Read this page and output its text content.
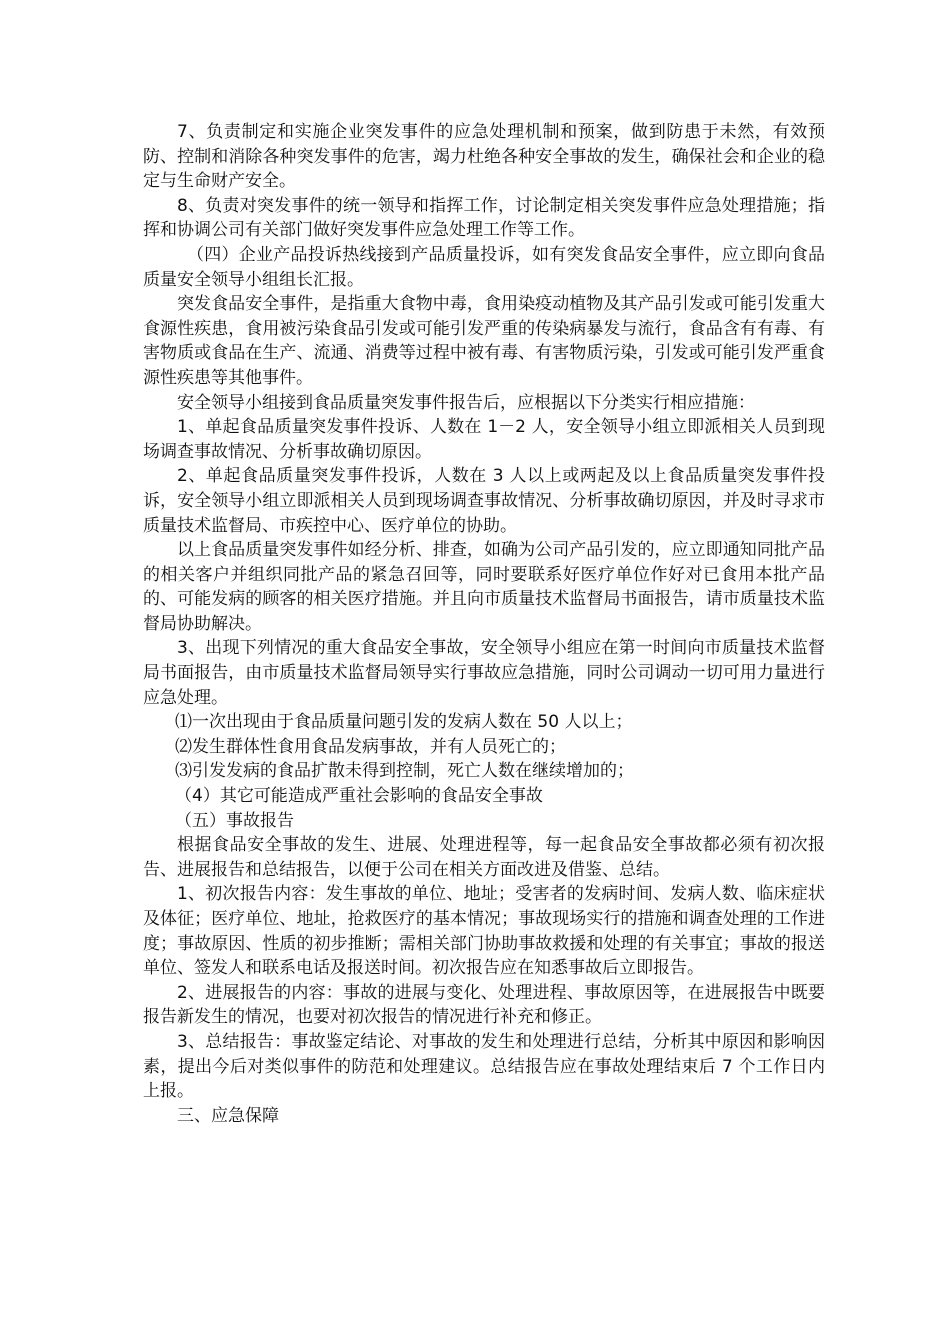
7、负责制定和实施企业突发事件的应急处理机制和预案，做到防患于未然，有效预防、控制和消除各种突发事件的危害，竭力杜绝各种安全事故的发生，确保社会和企业的稳定与生命财产安全。

8、负责对突发事件的统一领导和指挥工作，讨论制定相关突发事件应急处理措施；指挥和协调公司有关部门做好突发事件应急处理工作等工作。

（四）企业产品投诉热线接到产品质量投诉，如有突发食品安全事件，应立即向食品质量安全领导小组组长汇报。

突发食品安全事件，是指重大食物中毒，食用染疫动植物及其产品引发或可能引发重大食源性疾患，食用被污染食品引发或可能引发严重的传染病暴发与流行，食品含有有毒、有害物质或食品在生产、流通、消费等过程中被有毒、有害物质污染，引发或可能引发严重食源性疾患等其他事件。

安全领导小组接到食品质量突发事件报告后，应根据以下分类实行相应措施：

1、单起食品质量突发事件投诉、人数在 1－2 人，安全领导小组立即派相关人员到现场调查事故情况、分析事故确切原因。

2、单起食品质量突发事件投诉，人数在 3 人以上或两起及以上食品质量突发事件投诉，安全领导小组立即派相关人员到现场调查事故情况、分析事故确切原因，并及时寻求市质量技术监督局、市疾控中心、医疗单位的协助。

以上食品质量突发事件如经分析、排查，如确为公司产品引发的，应立即通知同批产品的相关客户并组织同批产品的紧急召回等，同时要联系好医疗单位作好对已食用本批产品的、可能发病的顾客的相关医疗措施。并且向市质量技术监督局书面报告，请市质量技术监督局协助解决。

3、出现下列情况的重大食品安全事故，安全领导小组应在第一时间向市质量技术监督局书面报告，由市质量技术监督局领导实行事故应急措施，同时公司调动一切可用力量进行应急处理。

⑴一次出现由于食品质量问题引发的发病人数在 50 人以上；

⑵发生群体性食用食品发病事故，并有人员死亡的；

⑶引发发病的食品扩散未得到控制，死亡人数在继续增加的；

（4）其它可能造成严重社会影响的食品安全事故

（五）事故报告

根据食品安全事故的发生、进展、处理进程等，每一起食品安全事故都必须有初次报告、进展报告和总结报告，以便于公司在相关方面改进及借鉴、总结。

1、初次报告内容：发生事故的单位、地址；受害者的发病时间、发病人数、临床症状及体征；医疗单位、地址，抢救医疗的基本情况；事故现场实行的措施和调查处理的工作进度；事故原因、性质的初步推断；需相关部门协助事故救援和处理的有关事宜；事故的报送单位、签发人和联系电话及报送时间。初次报告应在知悉事故后立即报告。

2、进展报告的内容：事故的进展与变化、处理进程、事故原因等，在进展报告中既要报告新发生的情况，也要对初次报告的情况进行补充和修正。

3、总结报告：事故鉴定结论、对事故的发生和处理进行总结，分析其中原因和影响因素，提出今后对类似事件的防范和处理建议。总结报告应在事故处理结束后 7 个工作日内上报。

三、应急保障
